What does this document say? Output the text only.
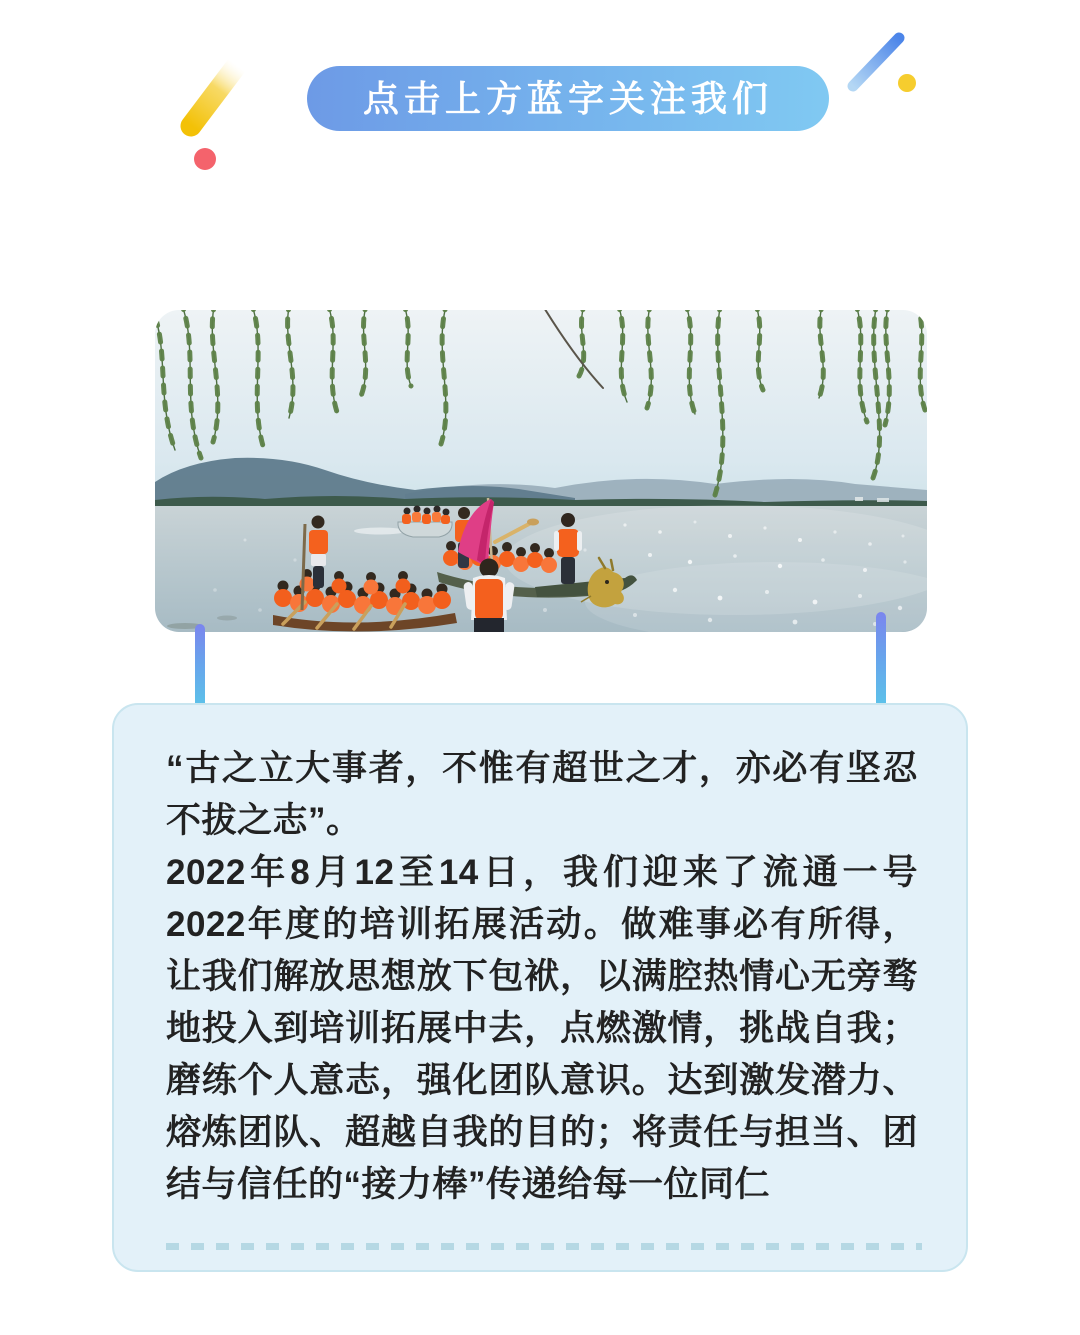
点击上方蓝字关注我们

“古之立大事者，不惟有超世之才，亦必有坚忍不拔之志”。

2022年8月12至14日，我们迎来了流通一号2022年度的培训拓展活动。做难事必有所得，让我们解放思想放下包袱，以满腔热情心无旁骛地投入到培训拓展中去，点燃激情，挑战自我；磨练个人意志，强化团队意识。达到激发潜力、熔炼团队、超越自我的目的；将责任与担当、团结与信任的“接力棒”传递给每一位同仁
